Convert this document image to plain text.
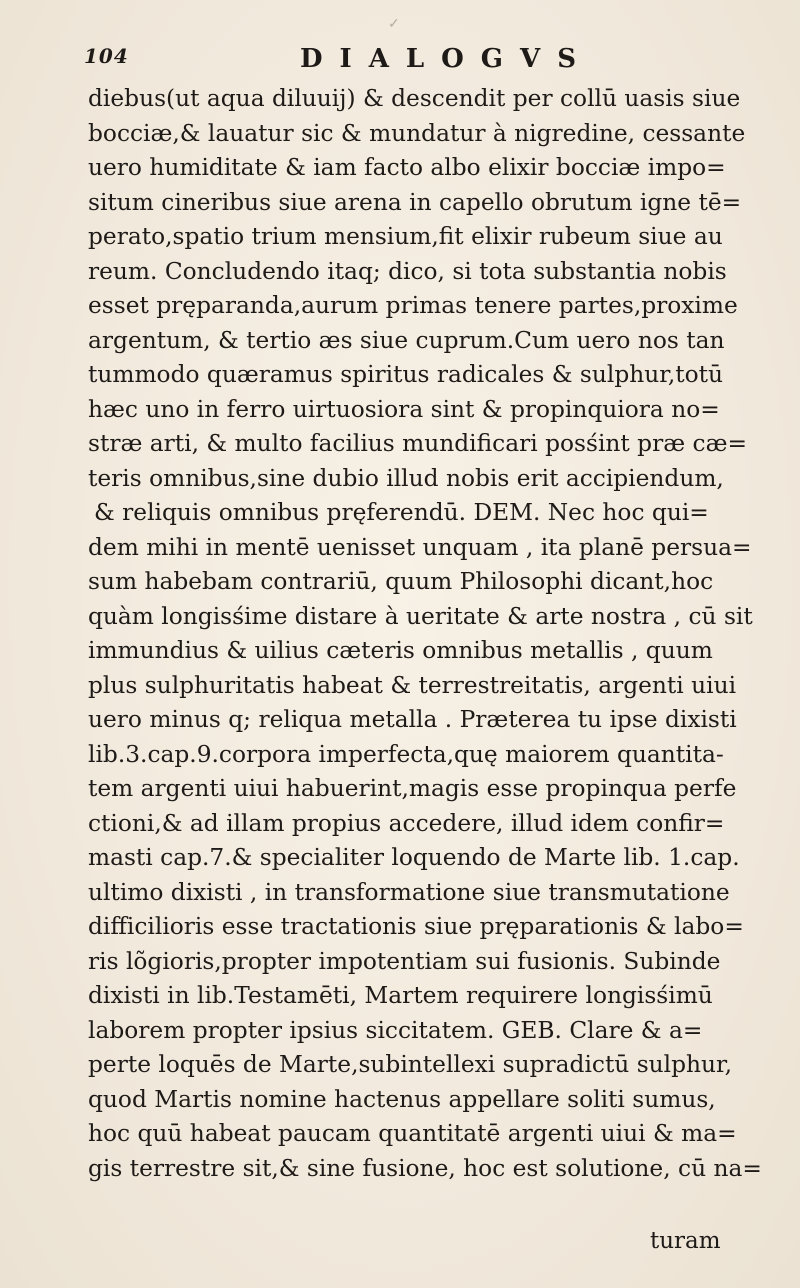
✓
104	DIALOGVS
diebus(ut aqua diluuij) & descendit per collū uasis siue
bocciæ,& lauatur sic & mundatur à nigredine, cessante
uero humiditate & iam facto albo elixir bocciæ impo=
situm cineribus siue arena in capello obrutum igne tē=
perato,spatio trium mensium,fit elixir rubeum siue au
reum. Concludendo itaq; dico, si tota substantia nobis
esset pręparanda,aurum primas tenere partes,proxime
argentum, & tertio æs siue cuprum.Cum uero nos tan
tummodo quæramus spiritus radicales & sulphur,totū
hæc uno in ferro uirtuosiora sint & propinquiora no=
stræ arti, & multo facilius mundificari posśint præ cæ=
teris omnibus,sine dubio illud nobis erit accipiendum,
& reliquis omnibus pręferendū. DEM. Nec hoc qui=
dem mihi in mentē uenisset unquam , ita planē persua=
sum habebam contrariū, quum Philosophi dicant,hoc
quàm longisśime distare à ueritate & arte nostra , cū sit
immundius & uilius cæteris omnibus metallis , quum
plus sulphuritatis habeat & terrestreitatis, argenti uiui
uero minus q; reliqua metalla . Præterea tu ipse dixisti
lib.3.cap.9.corpora imperfecta,quę maiorem quantita-
tem argenti uiui habuerint,magis esse propinqua perfe
ctioni,& ad illam propius accedere, illud idem confir=
masti cap.7.& specialiter loquendo de Marte lib. 1.cap.
ultimo dixisti , in transformatione siue transmutatione
difficilioris esse tractationis siue pręparationis & labo=
ris lõgioris,propter impotentiam sui fusionis. Subinde
dixisti in lib.Testamēti, Martem requirere longisśimū
laborem propter ipsius siccitatem. GEB. Clare & a=
perte loquēs de Marte,subintellexi supradictū sulphur,
quod Martis nomine hactenus appellare soliti sumus,
hoc quū habeat paucam quantitatē argenti uiui & ma=
gis terrestre sit,& sine fusione, hoc est solutione, cū na=
turam
